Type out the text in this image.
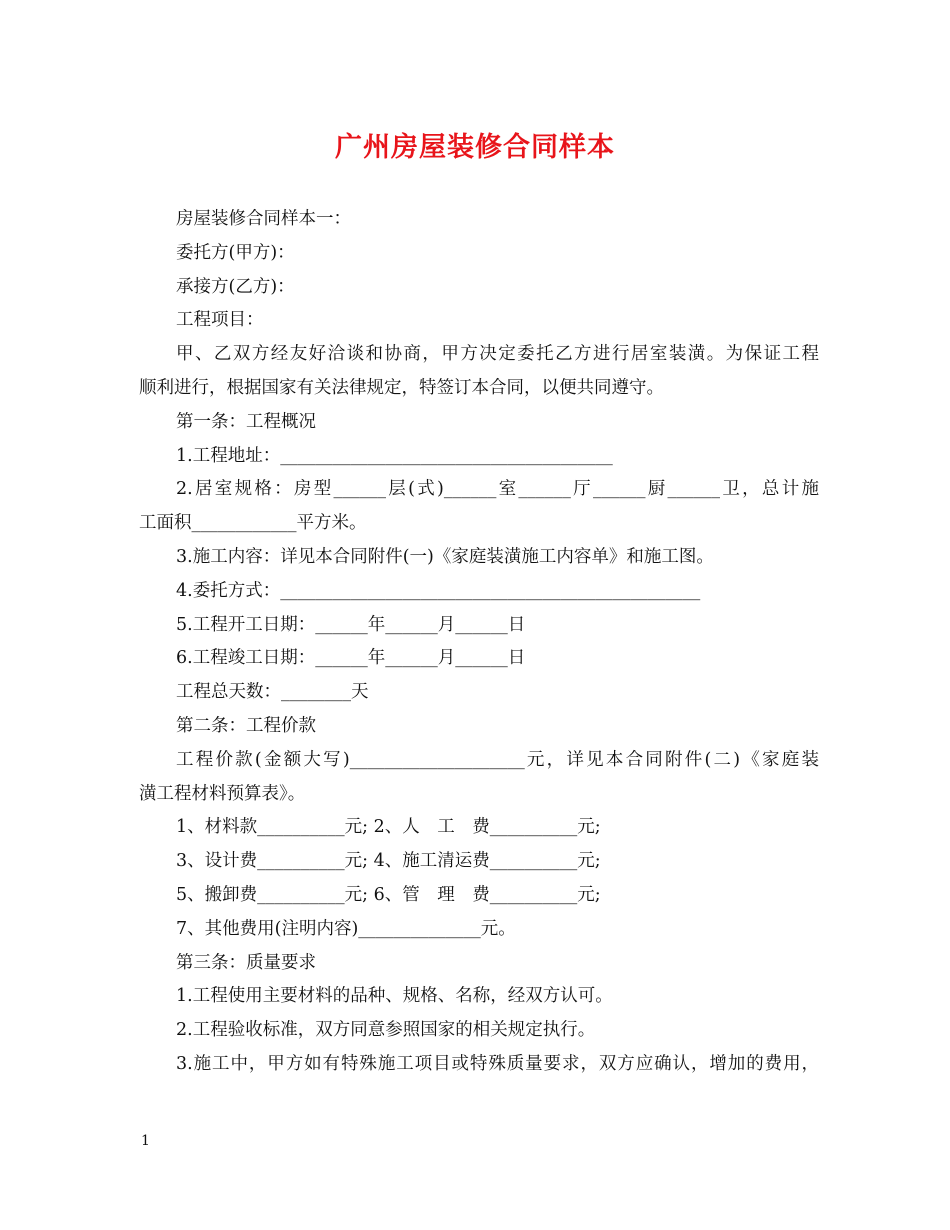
广州房屋装修合同样本

房屋装修合同样本一：

委托方(甲方)：

承接方(乙方)：

工程项目：

甲、乙双方经友好洽谈和协商，甲方决定委托乙方进行居室装潢。为保证工程

顺利进行，根据国家有关法律规定，特签订本合同，以便共同遵守。

第一条：工程概况

1.工程地址：______________________________________

2.居室规格：房型______层(式)______室______厅______厨______卫，总计施

工面积____________平方米。

3.施工内容：详见本合同附件(一)《家庭装潢施工内容单》和施工图。

4.委托方式：________________________________________________

5.工程开工日期：______年______月______日

6.工程竣工日期：______年______月______日

工程总天数：________天

第二条：工程价款

工程价款(金额大写)____________________元，详见本合同附件(二)《家庭装

潢工程材料预算表》。

1、材料款__________元; 2、人　工　费__________元;

3、设计费__________元; 4、施工清运费__________元;

5、搬卸费__________元; 6、管　理　费__________元;

7、其他费用(注明内容)______________元。

第三条：质量要求

1.工程使用主要材料的品种、规格、名称，经双方认可。

2.工程验收标准，双方同意参照国家的相关规定执行。

3.施工中，甲方如有特殊施工项目或特殊质量要求，双方应确认，增加的费用，

1
